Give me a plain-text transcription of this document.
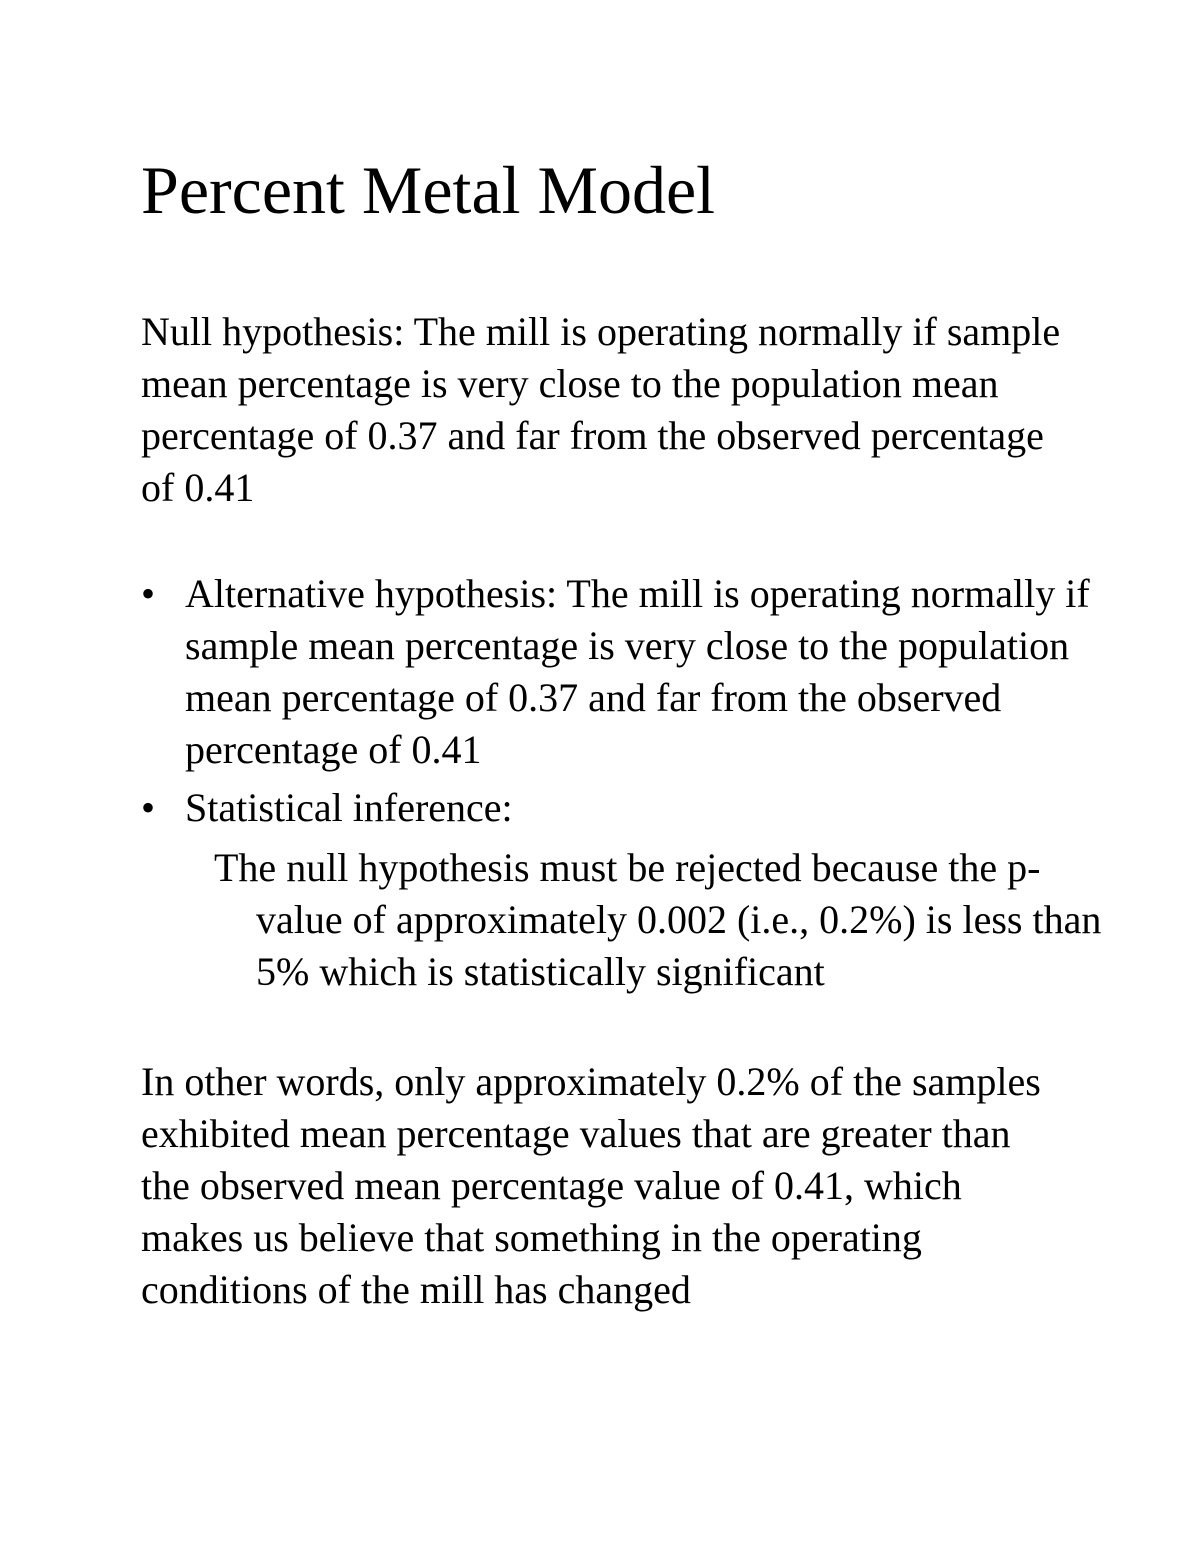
Percent Metal Model

Null hypothesis: The mill is operating normally if sample mean percentage is very close to the population mean percentage of 0.37 and far from the observed percentage of 0.41

• Alternative hypothesis: The mill is operating normally if sample mean percentage is very close to the population mean percentage of 0.37 and far from the observed percentage of 0.41
• Statistical inference:

The null hypothesis must be rejected because the p-value of approximately 0.002 (i.e., 0.2%) is less than 5% which is statistically significant

In other words, only approximately 0.2% of the samples exhibited mean percentage values that are greater than the observed mean percentage value of 0.41, which makes us believe that something in the operating conditions of the mill has changed
